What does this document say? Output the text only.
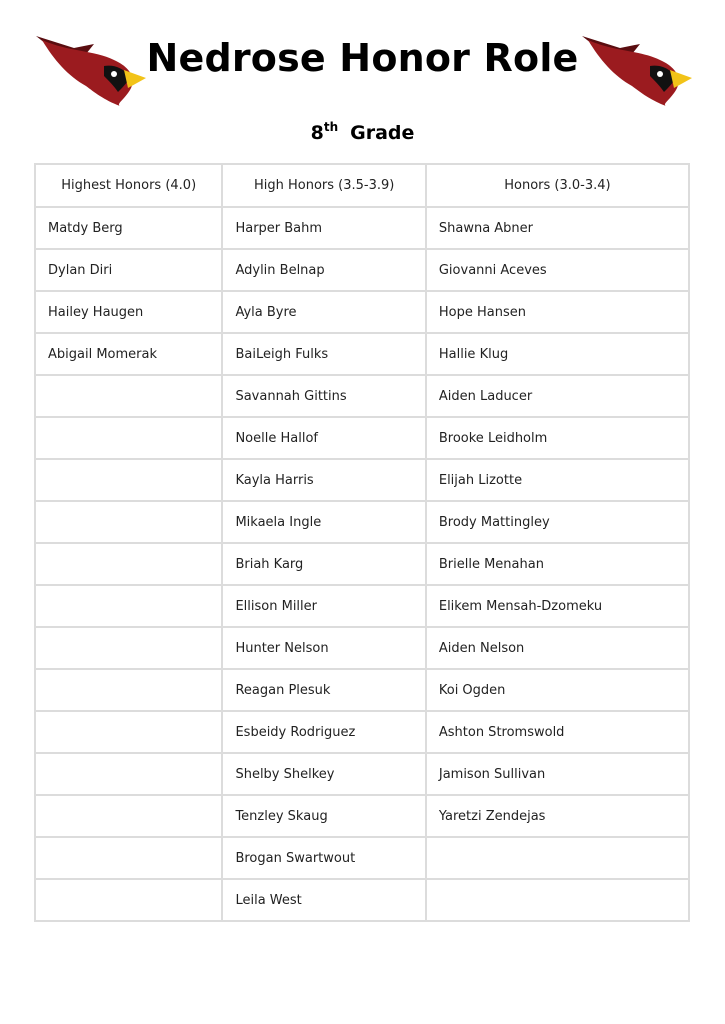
Nedrose Honor Role
8th Grade
Highest Honors (4.0)	High Honors (3.5-3.9)	Honors (3.0-3.4)
Matdy Berg	Harper Bahm	Shawna Abner
Dylan Diri	Adylin Belnap	Giovanni Aceves
Hailey Haugen	Ayla Byre	Hope Hansen
Abigail Momerak	BaiLeigh Fulks	Hallie Klug
	Savannah Gittins	Aiden Laducer
	Noelle Hallof	Brooke Leidholm
	Kayla Harris	Elijah Lizotte
	Mikaela Ingle	Brody Mattingley
	Briah Karg	Brielle Menahan
	Ellison Miller	Elikem Mensah-Dzomeku
	Hunter Nelson	Aiden Nelson
	Reagan Plesuk	Koi Ogden
	Esbeidy Rodriguez	Ashton Stromswold
	Shelby Shelkey	Jamison Sullivan
	Tenzley Skaug	Yaretzi Zendejas
	Brogan Swartwout	
	Leila West	
